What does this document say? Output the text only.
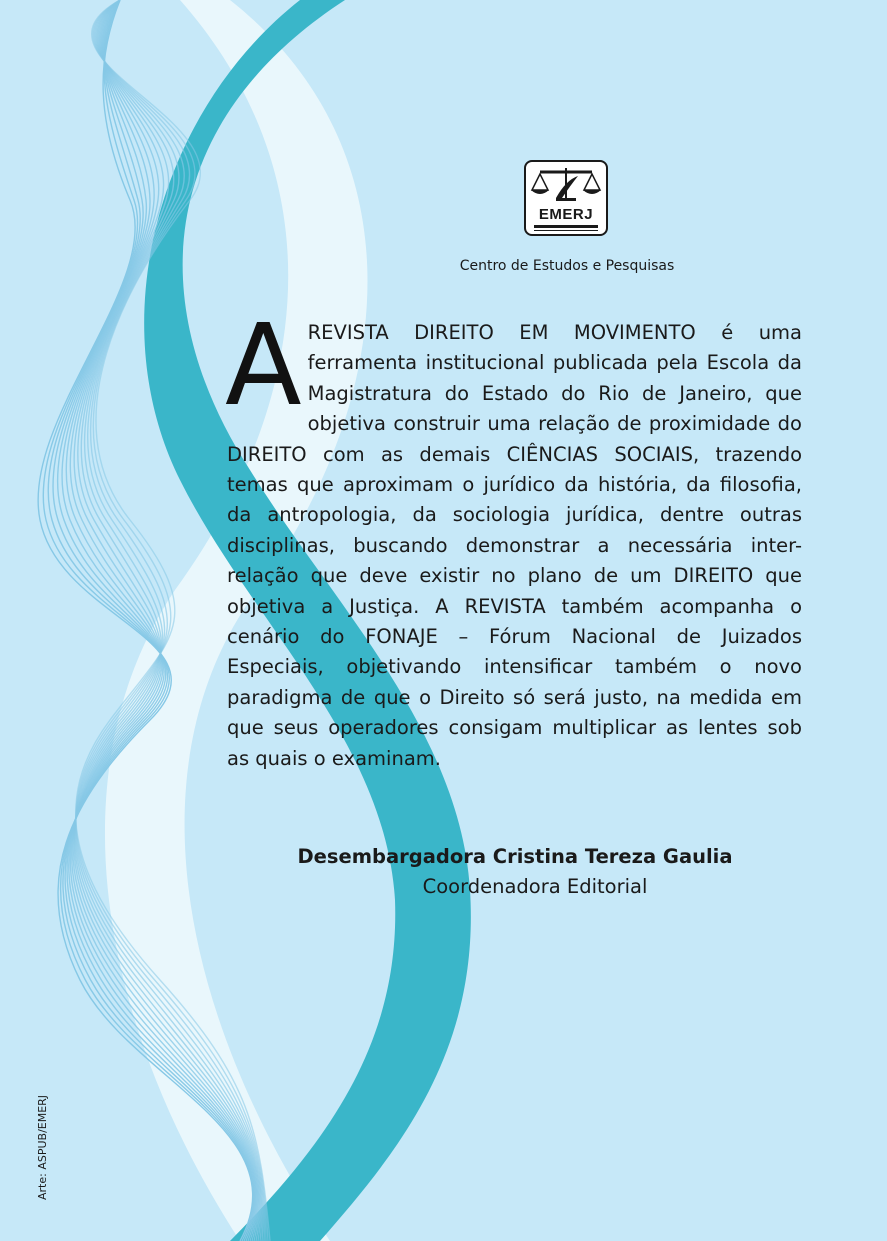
EMERJ
Centro de Estudos e Pesquisas
A REVISTA DIREITO EM MOVIMENTO é uma ferramenta institucional publicada pela Escola da Magistratura do Estado do Rio de Janeiro, que objetiva construir uma relação de proximidade do DIREITO com as demais CIÊNCIAS SOCIAIS, trazendo temas que aproximam o jurídico da história, da filosofia, da antropologia, da sociologia jurídica, dentre outras disciplinas, buscando demonstrar a necessária inter-relação que deve existir no plano de um DIREITO que objetiva a Justiça. A REVISTA também acompanha o cenário do FONAJE – Fórum Nacional de Juizados Especiais, objetivando intensificar também o novo paradigma de que o Direito só será justo, na medida em que seus operadores consigam multiplicar as lentes sob as quais o examinam.
Desembargadora Cristina Tereza Gaulia
Coordenadora Editorial
Arte: ASPUB/EMERJ
